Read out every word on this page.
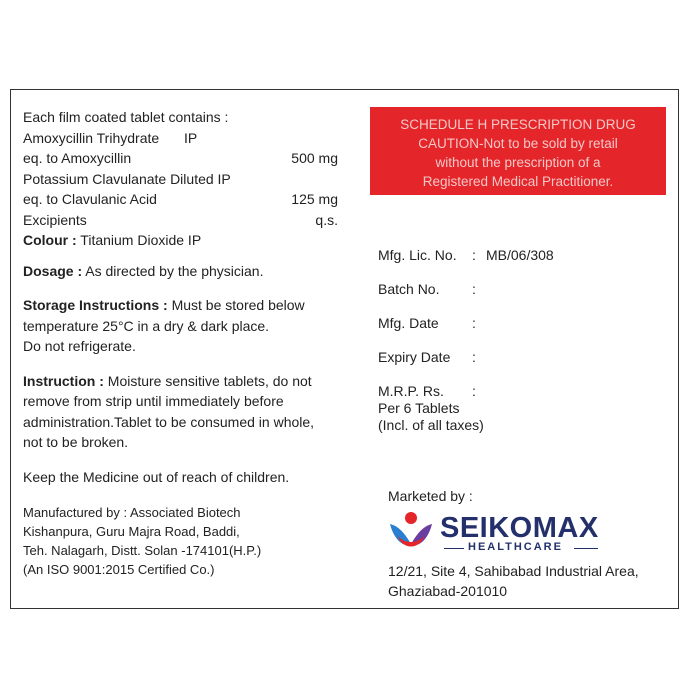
Each film coated tablet contains :
Amoxycillin Trihydrate IP
eq. to Amoxycillin	500 mg
Potassium Clavulanate Diluted IP
eq. to Clavulanic Acid	125 mg
Excipients	q.s.
Colour : Titanium Dioxide IP
Dosage : As directed by the physician.
Storage Instructions : Must be stored below
temperature 25°C in a dry & dark place.
Do not refrigerate.
Instruction : Moisture sensitive tablets, do not
remove from strip until immediately before
administration.Tablet to be consumed in whole,
not to be broken.
Keep the Medicine out of reach of children.
Manufactured by : Associated Biotech
Kishanpura, Guru Majra Road, Baddi,
Teh. Nalagarh, Distt. Solan -174101(H.P.)
(An ISO 9001:2015 Certified Co.)
SCHEDULE H PRESCRIPTION DRUG
CAUTION-Not to be sold by retail
without the prescription of a
Registered Medical Practitioner.
Mfg. Lic. No. : MB/06/308
Batch No. :
Mfg. Date :
Expiry Date :
M.R.P. Rs. :
Per 6 Tablets
(Incl. of all taxes)
Marketed by :
SEIKOMAX
HEALTHCARE
12/21, Site 4, Sahibabad Industrial Area,
Ghaziabad-201010
